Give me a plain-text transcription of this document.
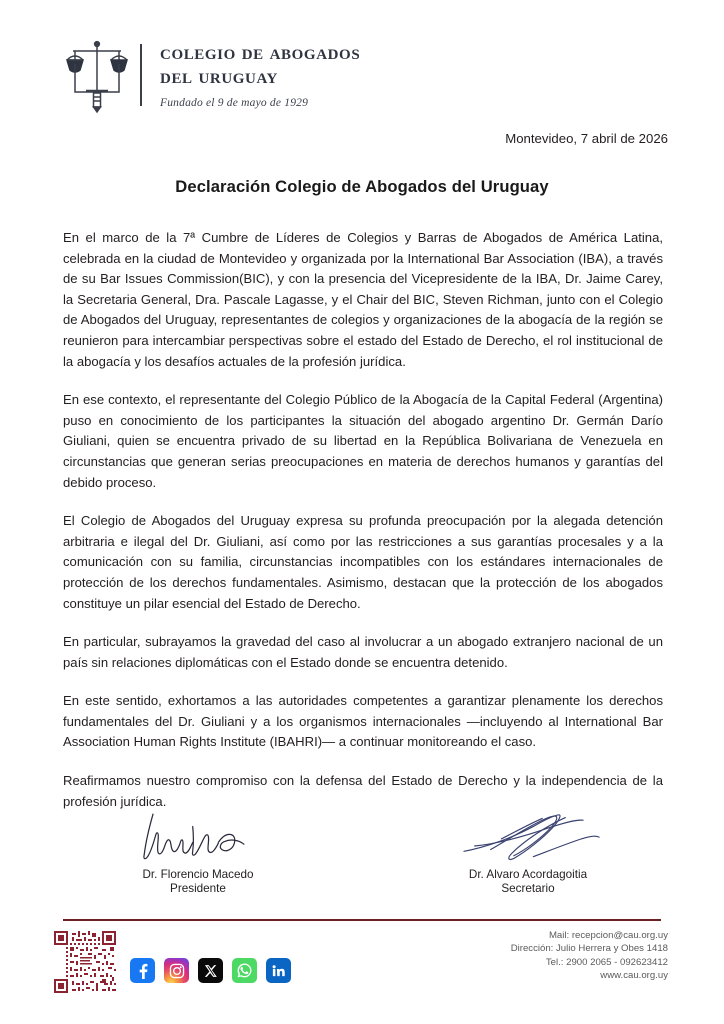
colegio de abogados
del uruguay
Fundado el 9 de mayo de 1929
Montevideo, 7 abril de 2026
Declaración Colegio de Abogados del Uruguay

En el marco de la 7ª Cumbre de Líderes de Colegios y Barras de Abogados de América Latina, celebrada en la ciudad de Montevideo y organizada por la International Bar Association (IBA), a través de su Bar Issues Commission(BIC), y con la presencia del Vicepresidente de la IBA, Dr. Jaime Carey, la Secretaria General, Dra. Pascale Lagasse, y el Chair del BIC, Steven Richman, junto con el Colegio de Abogados del Uruguay, representantes de colegios y organizaciones de la abogacía de la región se reunieron para intercambiar perspectivas sobre el estado del Estado de Derecho, el rol institucional de la abogacía y los desafíos actuales de la profesión jurídica.

En ese contexto, el representante del Colegio Público de la Abogacía de la Capital Federal (Argentina) puso en conocimiento de los participantes la situación del abogado argentino Dr. Germán Darío Giuliani, quien se encuentra privado de su libertad en la República Bolivariana de Venezuela en circunstancias que generan serias preocupaciones en materia de derechos humanos y garantías del debido proceso.

El Colegio de Abogados del Uruguay expresa su profunda preocupación por la alegada detención arbitraria e ilegal del Dr. Giuliani, así como por las restricciones a sus garantías procesales y a la comunicación con su familia, circunstancias incompatibles con los estándares internacionales de protección de los derechos fundamentales. Asimismo, destacan que la protección de los abogados constituye un pilar esencial del Estado de Derecho.

En particular, subrayamos la gravedad del caso al involucrar a un abogado extranjero nacional de un país sin relaciones diplomáticas con el Estado donde se encuentra detenido.

En este sentido, exhortamos a las autoridades competentes a garantizar plenamente los derechos fundamentales del Dr. Giuliani y a los organismos internacionales —incluyendo al International Bar Association Human Rights Institute (IBAHRI)— a continuar monitoreando el caso.

Reafirmamos nuestro compromiso con la defensa del Estado de Derecho y la independencia de la profesión jurídica.

Dr. Florencio Macedo
Presidente
Dr. Alvaro Acordagoitia
Secretario
Mail: recepcion@cau.org.uy
Dirección: Julio Herrera y Obes 1418
Tel.: 2900 2065 - 092623412
www.cau.org.uy
